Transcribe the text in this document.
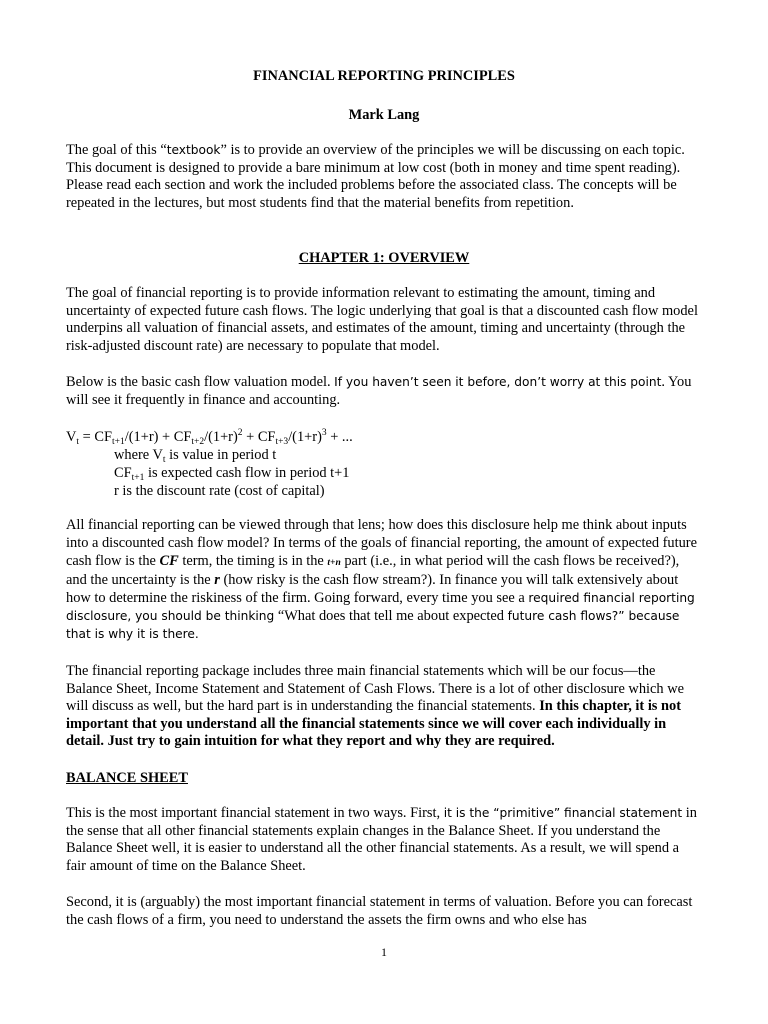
FINANCIAL REPORTING PRINCIPLES
Mark Lang

The goal of this “textbook” is to provide an overview of the principles we will be discussing on each topic. This document is designed to provide a bare minimum at low cost (both in money and time spent reading). Please read each section and work the included problems before the associated class. The concepts will be repeated in the lectures, but most students find that the material benefits from repetition.

CHAPTER 1: OVERVIEW

The goal of financial reporting is to provide information relevant to estimating the amount, timing and uncertainty of expected future cash flows. The logic underlying that goal is that a discounted cash flow model underpins all valuation of financial assets, and estimates of the amount, timing and uncertainty (through the risk-adjusted discount rate) are necessary to populate that model.

Below is the basic cash flow valuation model. If you haven’t seen it before, don’t worry at this point. You will see it frequently in finance and accounting.

$V_t = CF_{t+1}/(1+r) + CF_{t+2}/(1+r)^2 + CF_{t+3}/(1+r)^3$ + ...
where $V_t$ is value in period t
$CF_{t+1}$ is expected cash flow in period t+1
r is the discount rate (cost of capital)

All financial reporting can be viewed through that lens; how does this disclosure help me think about inputs into a discounted cash flow model? In terms of the goals of financial reporting, the amount of expected future cash flow is the CF term, the timing is in the t+n part (i.e., in what period will the cash flows be received?), and the uncertainty is the r (how risky is the cash flow stream?). In finance you will talk extensively about how to determine the riskiness of the firm. Going forward, every time you see a required financial reporting disclosure, you should be thinking “What does that tell me about expected future cash flows?” because that is why it is there.

The financial reporting package includes three main financial statements which will be our focus—the Balance Sheet, Income Statement and Statement of Cash Flows. There is a lot of other disclosure which we will discuss as well, but the hard part is in understanding the financial statements. In this chapter, it is not important that you understand all the financial statements since we will cover each individually in detail. Just try to gain intuition for what they report and why they are required.

BALANCE SHEET

This is the most important financial statement in two ways. First, it is the “primitive” financial statement in the sense that all other financial statements explain changes in the Balance Sheet. If you understand the Balance Sheet well, it is easier to understand all the other financial statements. As a result, we will spend a fair amount of time on the Balance Sheet.

Second, it is (arguably) the most important financial statement in terms of valuation. Before you can forecast the cash flows of a firm, you need to understand the assets the firm owns and who else has

1
